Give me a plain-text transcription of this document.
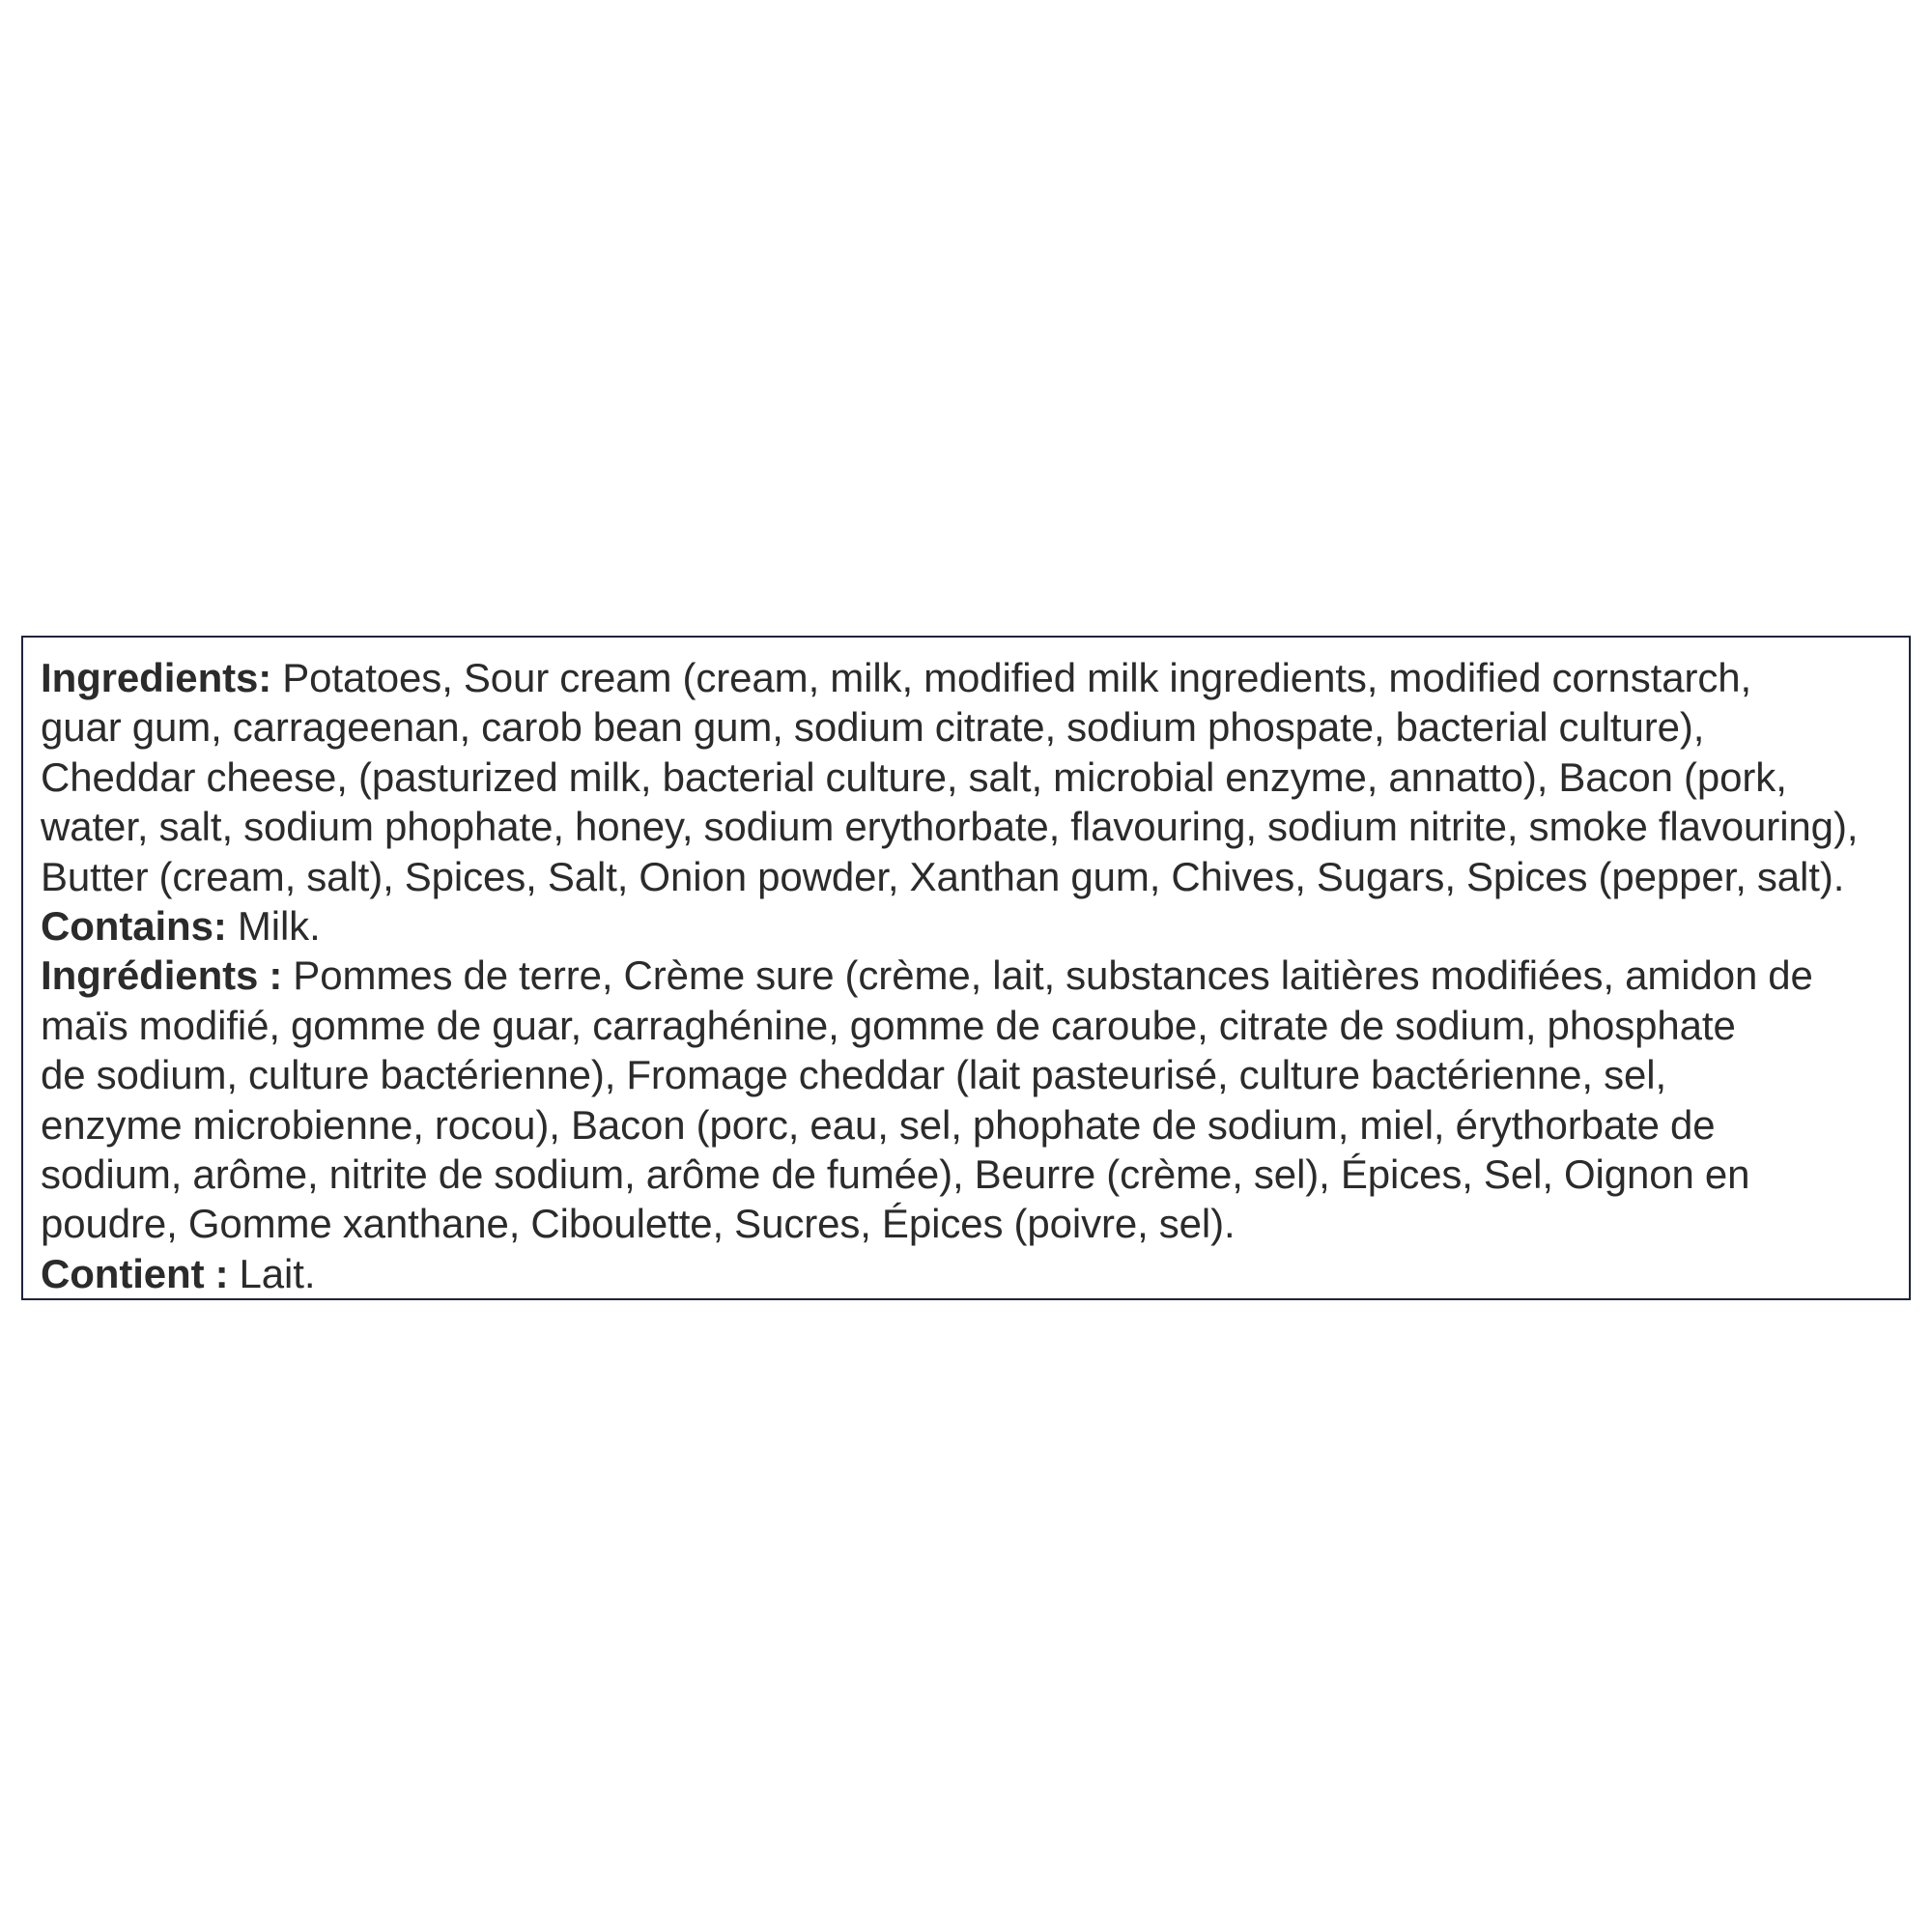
Ingredients: Potatoes, Sour cream (cream, milk, modified milk ingredients, modified cornstarch,
guar gum, carrageenan, carob bean gum, sodium citrate, sodium phospate, bacterial culture),
Cheddar cheese, (pasturized milk, bacterial culture, salt, microbial enzyme, annatto), Bacon (pork,
water, salt, sodium phophate, honey, sodium erythorbate, flavouring, sodium nitrite, smoke flavouring),
Butter (cream, salt), Spices, Salt, Onion powder, Xanthan gum, Chives, Sugars, Spices (pepper, salt).
Contains: Milk.
Ingrédients : Pommes de terre, Crème sure (crème, lait, substances laitières modifiées, amidon de
maïs modifié, gomme de guar, carraghénine, gomme de caroube, citrate de sodium, phosphate
de sodium, culture bactérienne), Fromage cheddar (lait pasteurisé, culture bactérienne, sel,
enzyme microbienne, rocou), Bacon (porc, eau, sel, phophate de sodium, miel, érythorbate de
sodium, arôme, nitrite de sodium, arôme de fumée), Beurre (crème, sel), Épices, Sel, Oignon en
poudre, Gomme xanthane, Ciboulette, Sucres, Épices (poivre, sel).
Contient : Lait.
